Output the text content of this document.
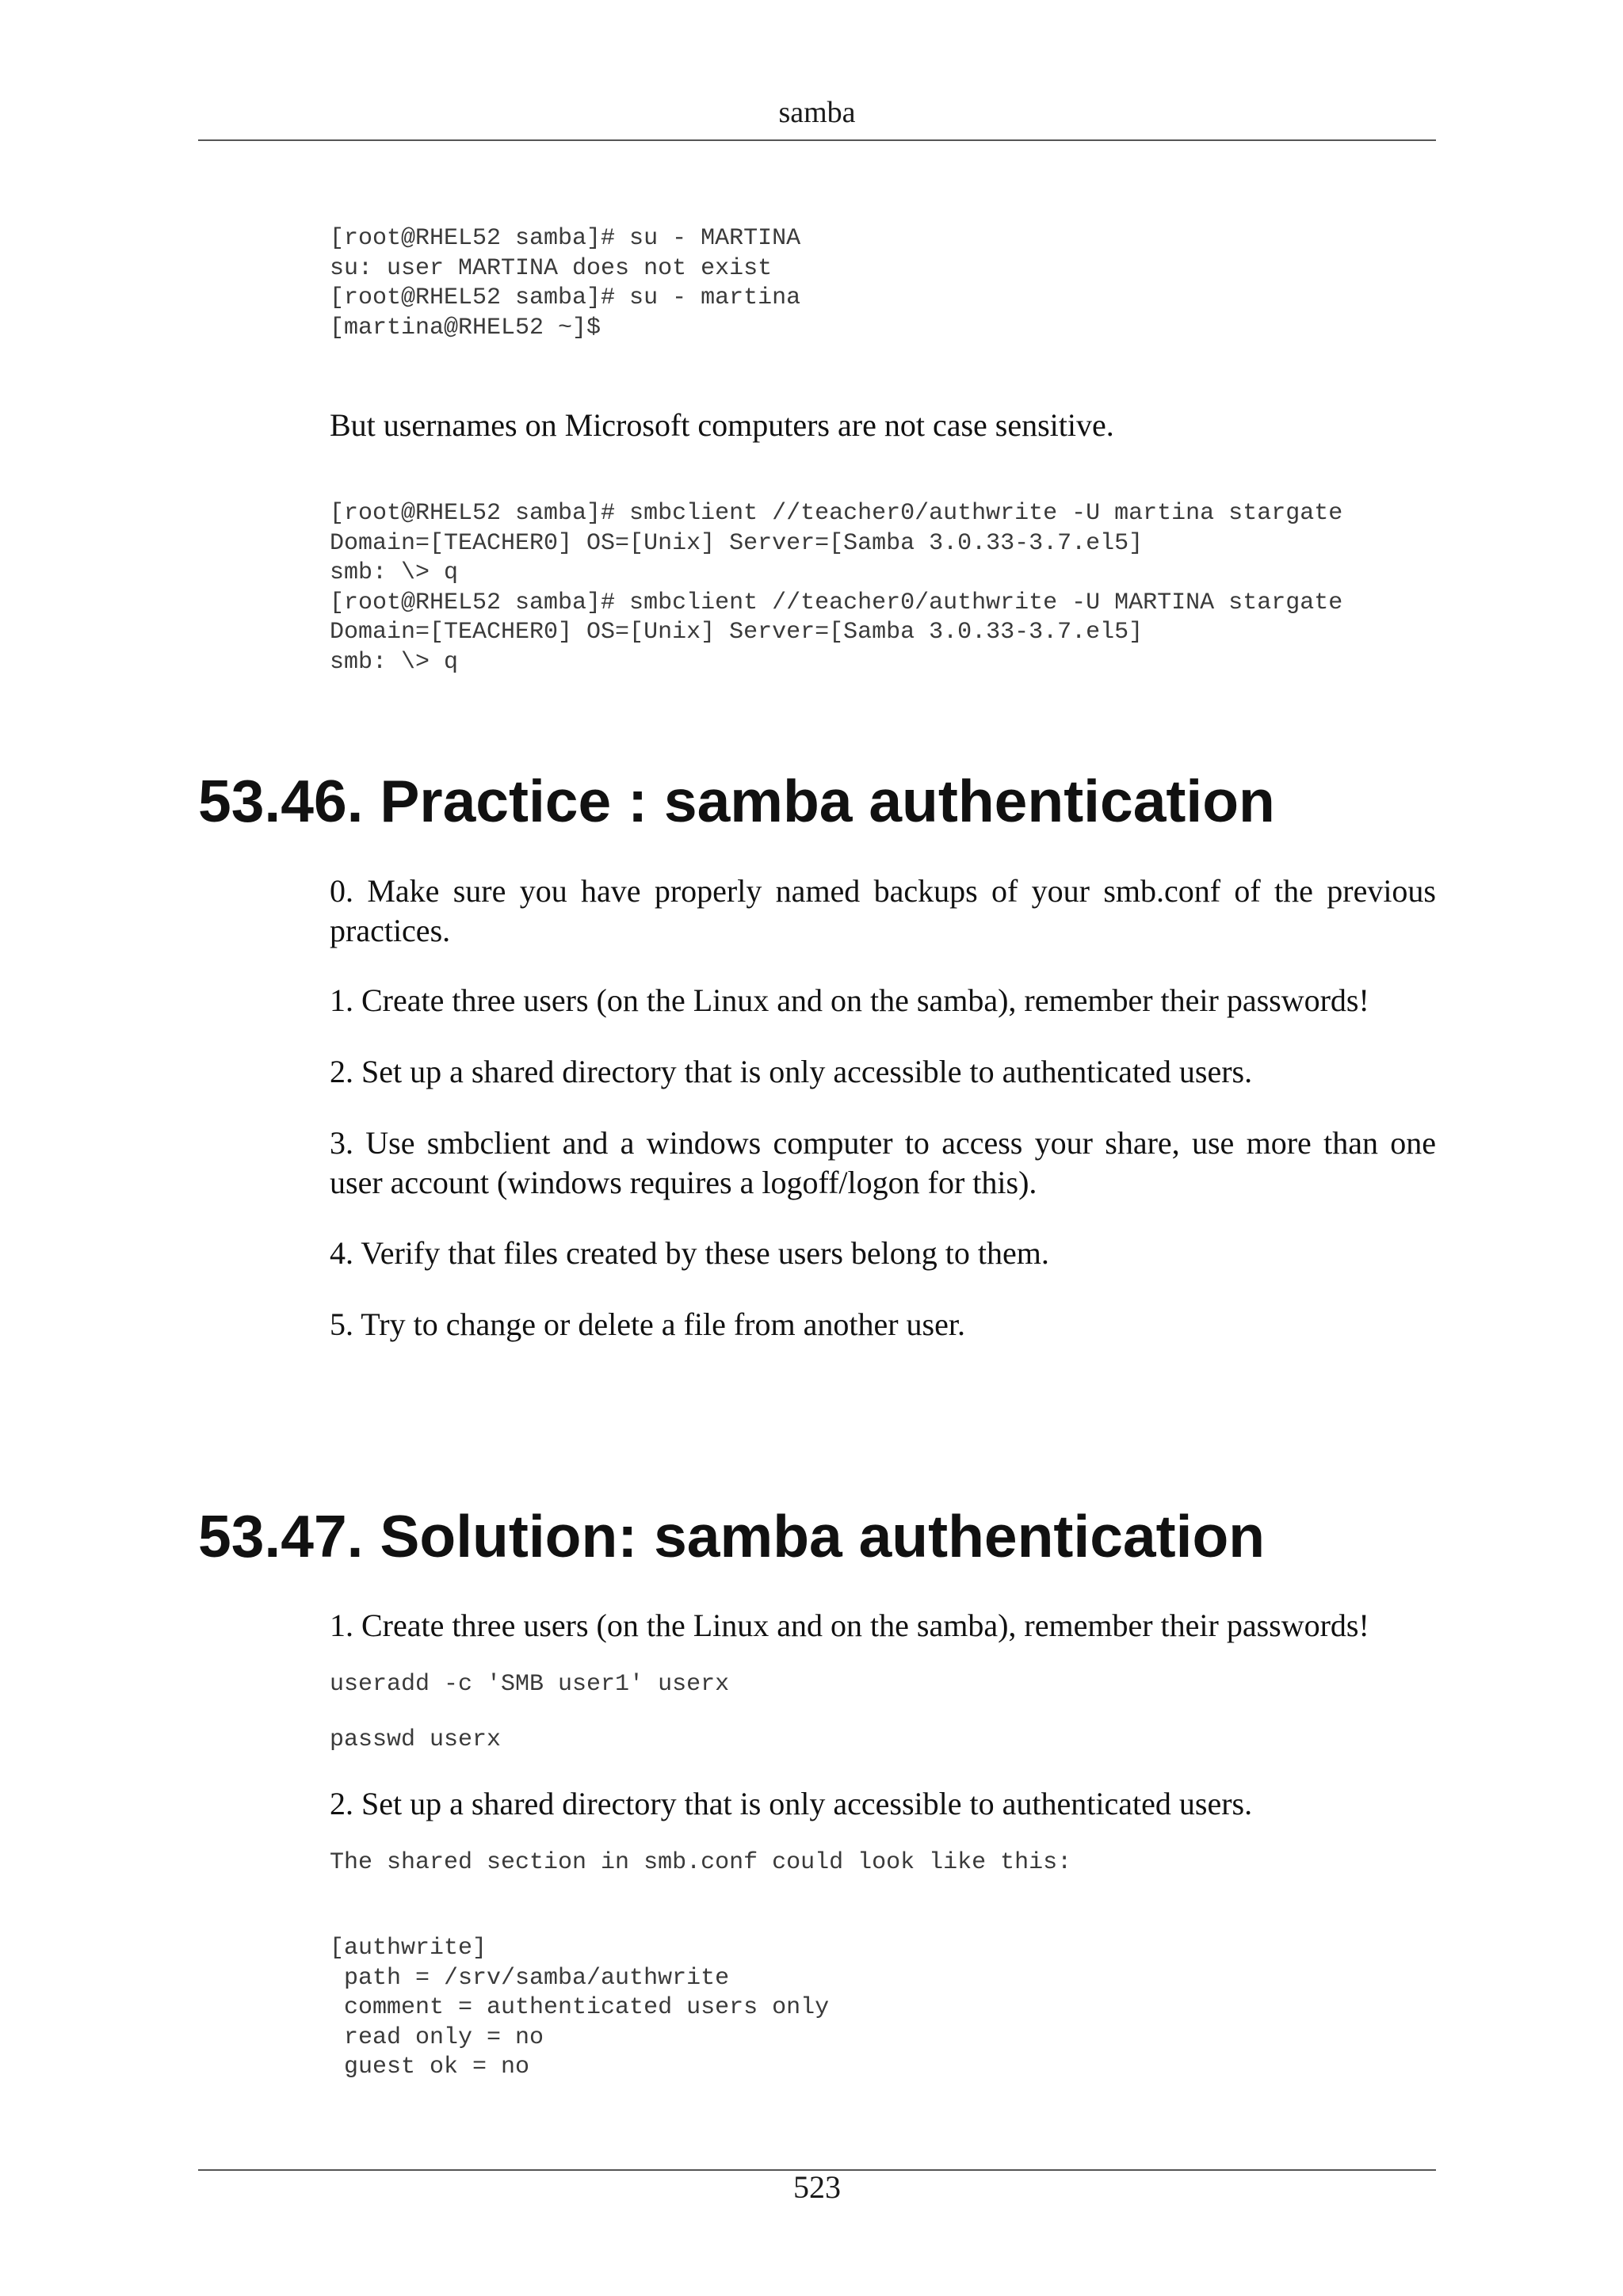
samba
[root@RHEL52 samba]# su - MARTINA
su: user MARTINA does not exist
[root@RHEL52 samba]# su - martina
[martina@RHEL52 ~]$

But usernames on Microsoft computers are not case sensitive.

[root@RHEL52 samba]# smbclient //teacher0/authwrite -U martina stargate
Domain=[TEACHER0] OS=[Unix] Server=[Samba 3.0.33-3.7.el5]
smb: \> q
[root@RHEL52 samba]# smbclient //teacher0/authwrite -U MARTINA stargate
Domain=[TEACHER0] OS=[Unix] Server=[Samba 3.0.33-3.7.el5]
smb: \> q
53.46. Practice : samba authentication

0. Make sure you have properly named backups of your smb.conf of the previous practices.

1. Create three users (on the Linux and on the samba), remember their passwords!

2. Set up a shared directory that is only accessible to authenticated users.

3. Use smbclient and a windows computer to access your share, use more than one user account (windows requires a logoff/logon for this).

4. Verify that files created by these users belong to them.

5. Try to change or delete a file from another user.

53.47. Solution: samba authentication

1. Create three users (on the Linux and on the samba), remember their passwords!

useradd -c 'SMB user1' userx
passwd userx

2. Set up a shared directory that is only accessible to authenticated users.

The shared section in smb.conf could look like this:
[authwrite]
path = /srv/samba/authwrite
comment = authenticated users only
read only = no
guest ok = no
523
